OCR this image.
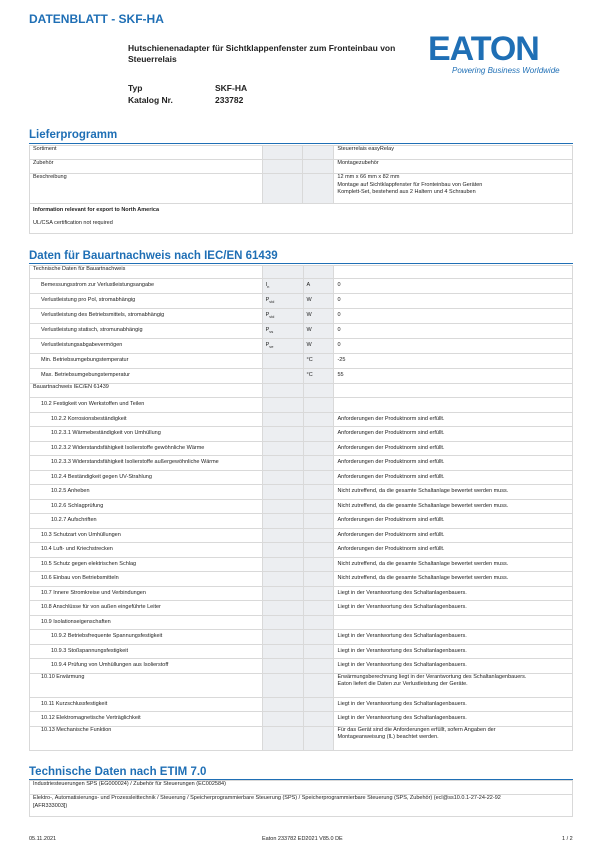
DATENBLATT - SKF-HA
Hutschienenadapter für Sichtklappenfenster zum Fronteinbau von
Steuerrelais
Typ	SKF-HA
Katalog Nr.	233782
EATON
Powering Business Worldwide
Lieferprogramm
Sortiment			Steuerrelais easyRelay
Zubehör			Montagezubehör
Beschreibung			12 mm x 66 mm x 82 mm
Montage auf Sichtklappfenster für Fronteinbau von Geräten
Komplett-Set, bestehend aus 2 Haltern und 4 Schrauben

Information relevant for export to North America
UL/CSA certification not required			
Daten für Bauartnachweis nach IEC/EN 61439
Technische Daten für Bauartnachweis			
Bemessungsstrom zur Verlustleistungsangabe	$I_n$	A	0
Verlustleistung pro Pol, stromabhängig	$P_{vid}$	W	0
Verlustleistung des Betriebsmittels, stromabhängig	$P_{vid}$	W	0
Verlustleistung statisch, stromunabhängig	$P_{vs}$	W	0
Verlustleistungsabgabevermögen	$P_{ve}$	W	0
Min. Betriebsumgebungstemperatur		°C	-25
Max. Betriebsumgebungstemperatur		°C	55
Bauartnachweis IEC/EN 61439			
10.2 Festigkeit von Werkstoffen und Teilen			
10.2.2 Korrosionsbeständigkeit			Anforderungen der Produktnorm sind erfüllt.
10.2.3.1 Wärmebeständigkeit von Umhüllung			Anforderungen der Produktnorm sind erfüllt.
10.2.3.2 Widerstandsfähigkeit Isolierstoffe gewöhnliche Wärme			Anforderungen der Produktnorm sind erfüllt.
10.2.3.3 Widerstandsfähigkeit Isolierstoffe außergewöhnliche Wärme			Anforderungen der Produktnorm sind erfüllt.
10.2.4 Beständigkeit gegen UV-Strahlung			Anforderungen der Produktnorm sind erfüllt.
10.2.5 Anheben			Nicht zutreffend, da die gesamte Schaltanlage bewertet werden muss.
10.2.6 Schlagprüfung			Nicht zutreffend, da die gesamte Schaltanlage bewertet werden muss.
10.2.7 Aufschriften			Anforderungen der Produktnorm sind erfüllt.
10.3 Schutzart von Umhüllungen			Anforderungen der Produktnorm sind erfüllt.
10.4 Luft- und Kriechstrecken			Anforderungen der Produktnorm sind erfüllt.
10.5 Schutz gegen elektrischen Schlag			Nicht zutreffend, da die gesamte Schaltanlage bewertet werden muss.
10.6 Einbau von Betriebsmitteln			Nicht zutreffend, da die gesamte Schaltanlage bewertet werden muss.
10.7 Innere Stromkreise und Verbindungen			Liegt in der Verantwortung des Schaltanlagenbauers.
10.8 Anschlüsse für von außen eingeführte Leiter			Liegt in der Verantwortung des Schaltanlagenbauers.
10.9 Isolationseigenschaften			
10.9.2 Betriebsfrequente Spannungsfestigkeit			Liegt in der Verantwortung des Schaltanlagenbauers.
10.9.3 Stoßspannungsfestigkeit			Liegt in der Verantwortung des Schaltanlagenbauers.
10.9.4 Prüfung von Umhüllungen aus Isolierstoff			Liegt in der Verantwortung des Schaltanlagenbauers.
10.10 Erwärmung			Erwärmungsberechnung liegt in der Verantwortung des Schaltanlagenbauers.
Eaton liefert die Daten zur Verlustleistung der Geräte.

10.11 Kurzschlussfestigkeit			Liegt in der Verantwortung des Schaltanlagenbauers.
10.12 Elektromagnetische Verträglichkeit			Liegt in der Verantwortung des Schaltanlagenbauers.
10.13 Mechanische Funktion			Für das Gerät sind die Anforderungen erfüllt, sofern Angaben der
Montageanweisung (IL) beachtet werden.
Technische Daten nach ETIM 7.0
Industriesteuerungen SPS (EG000024) / Zubehör für Steuerungen (EC002584)

Elektro-, Automatisierungs- und Prozessleittechnik / Steuerung / Speicherprogrammierbare Steuerung (SPS) / Speicherprogrammierbare Steuerung (SPS, Zubehör) (ecl@ss10.0.1-27-24-22-92
[AFR333003])
05.11.2021	Eaton 233782 ED2021 V85.0 DE	1 / 2
